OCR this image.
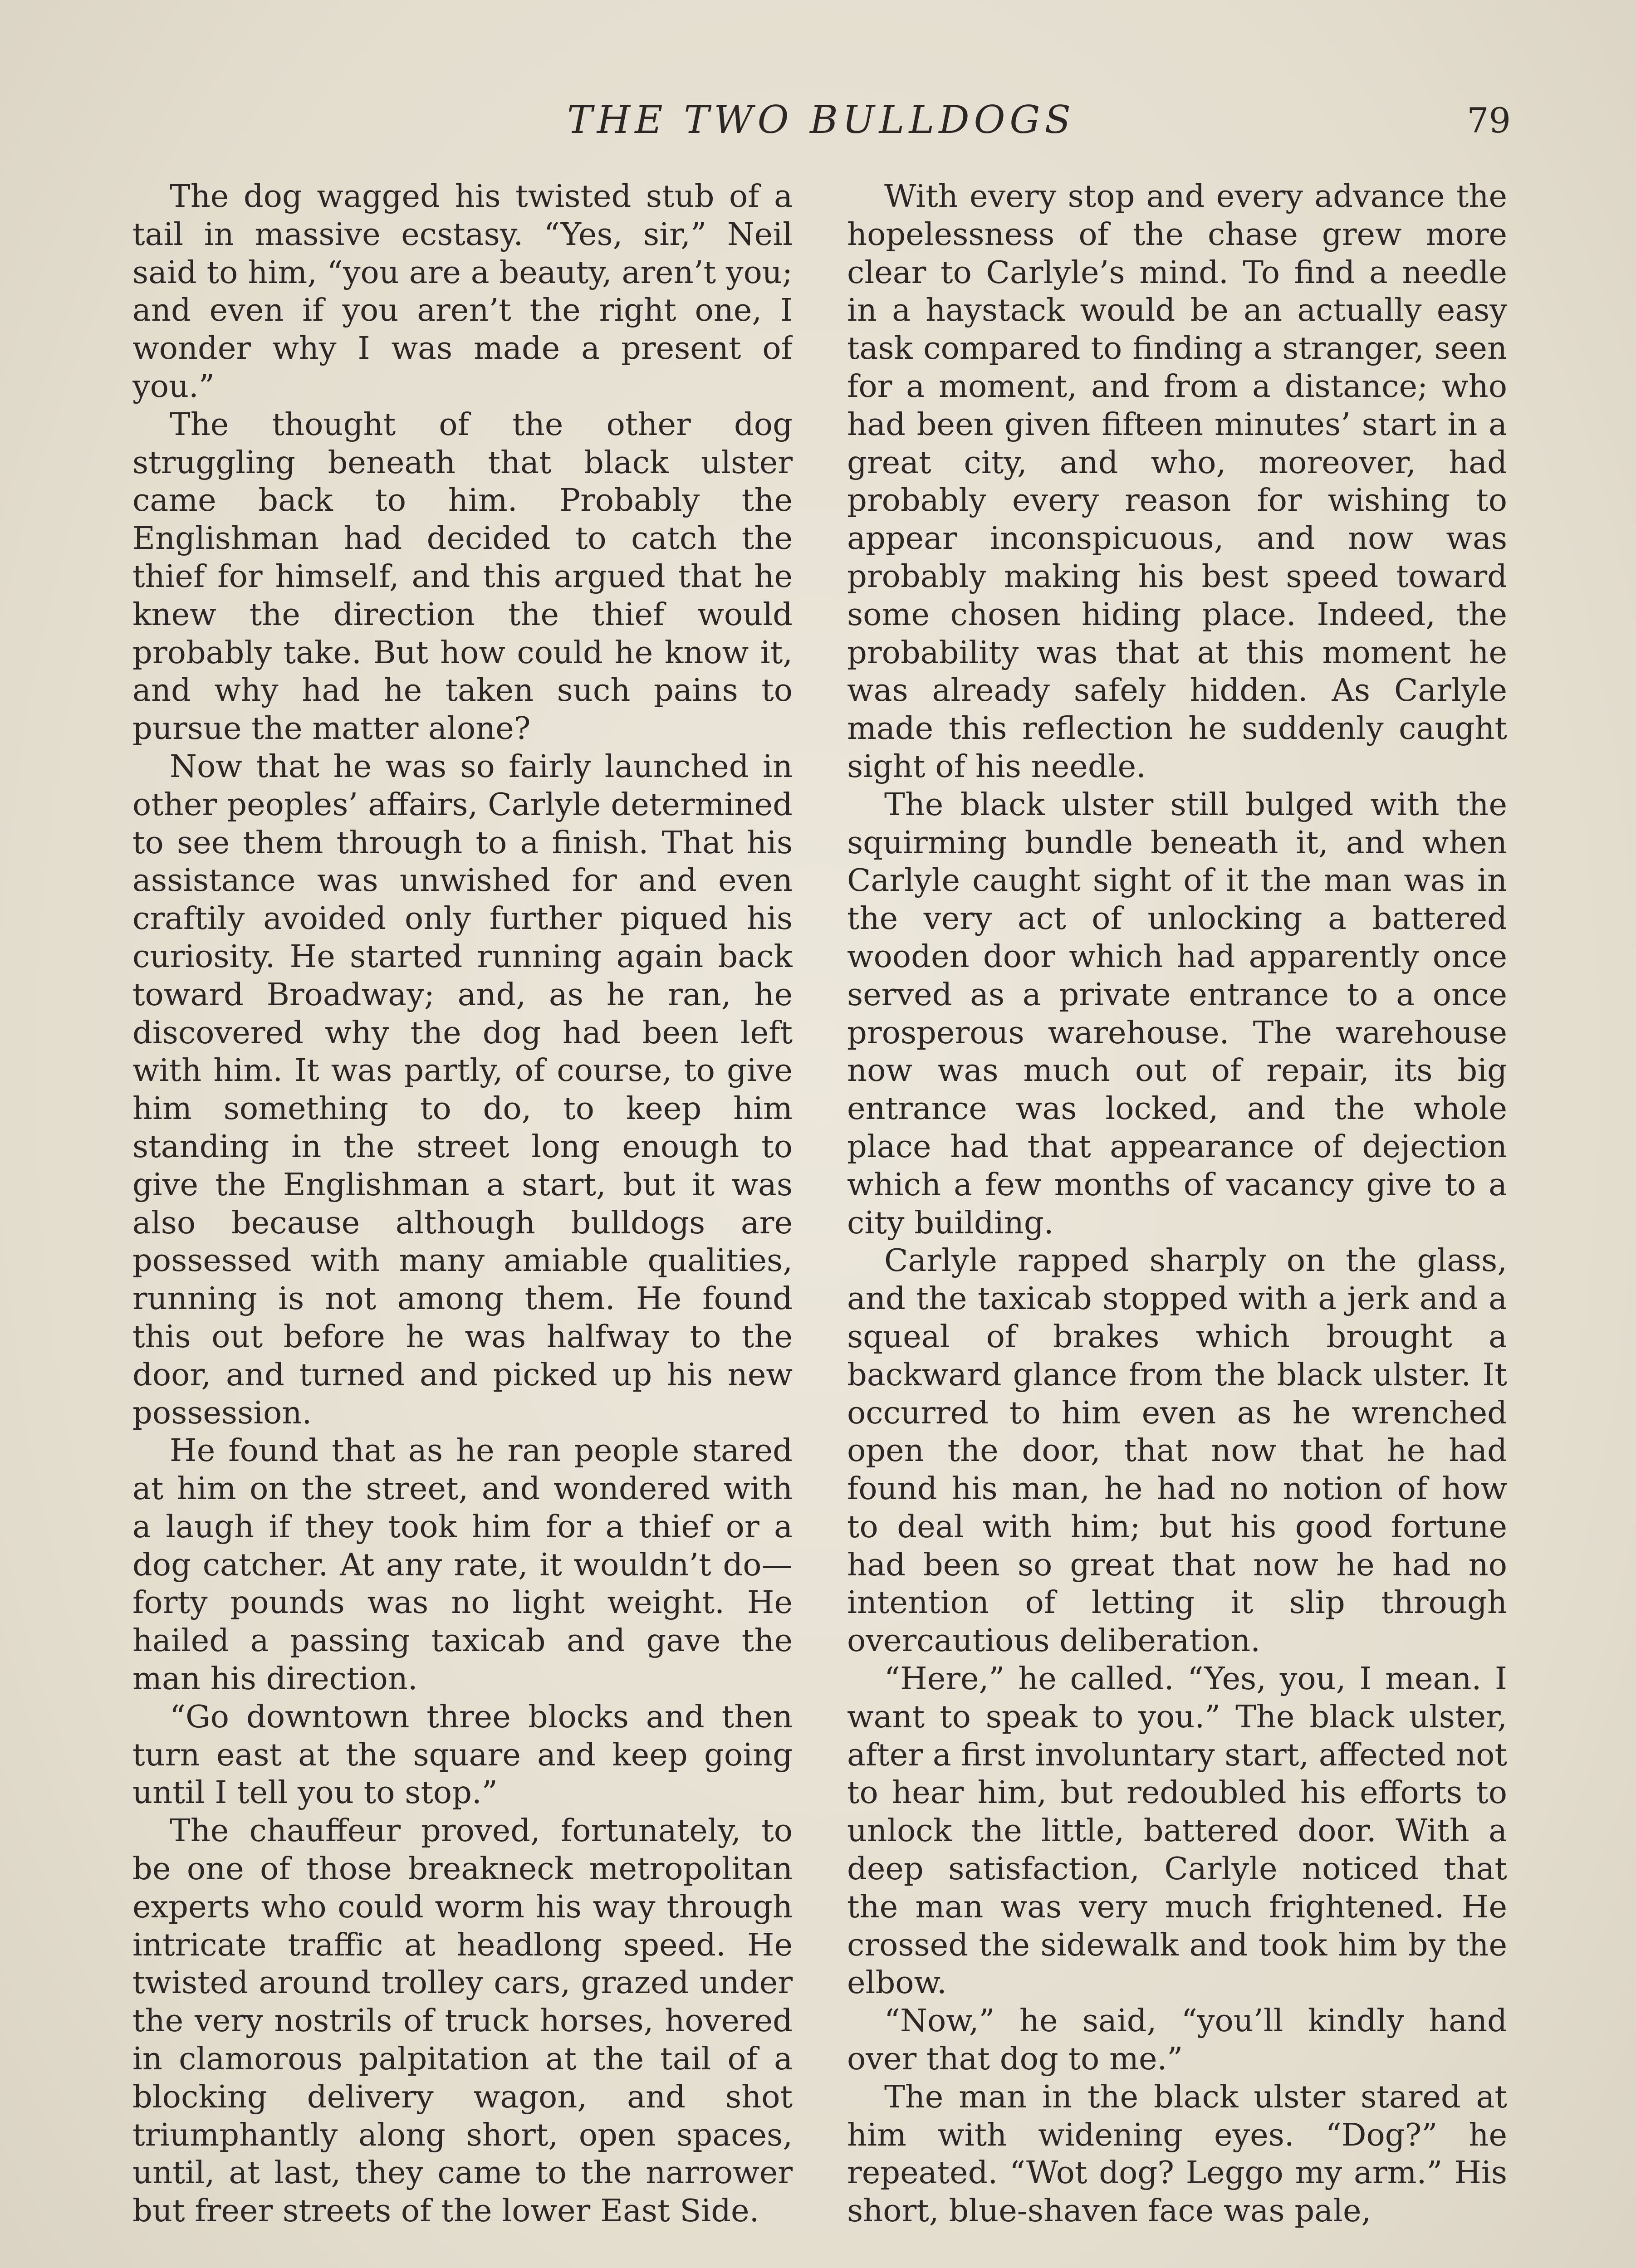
THE TWO BULLDOGS	79

The dog wagged his twisted stub of a tail in massive ecstasy. “Yes, sir,” Neil said to him, “you are a beauty, aren’t you; and even if you aren’t the right one, I wonder why I was made a present of you.”

The thought of the other dog struggling beneath that black ulster came back to him. Probably the Englishman had decided to catch the thief for himself, and this argued that he knew the direction the thief would probably take. But how could he know it, and why had he taken such pains to pursue the matter alone?

Now that he was so fairly launched in other peoples’ affairs, Carlyle determined to see them through to a finish. That his assistance was unwished for and even craftily avoided only further piqued his curiosity. He started running again back toward Broadway; and, as he ran, he discovered why the dog had been left with him. It was partly, of course, to give him something to do, to keep him standing in the street long enough to give the Englishman a start, but it was also because although bulldogs are possessed with many amiable qualities, running is not among them. He found this out before he was halfway to the door, and turned and picked up his new possession.

He found that as he ran people stared at him on the street, and wondered with a laugh if they took him for a thief or a dog catcher. At any rate, it wouldn’t do—forty pounds was no light weight. He hailed a passing taxicab and gave the man his direction.

“Go downtown three blocks and then turn east at the square and keep going until I tell you to stop.”

The chauffeur proved, fortunately, to be one of those breakneck metropolitan experts who could worm his way through intricate traffic at headlong speed. He twisted around trolley cars, grazed under the very nostrils of truck horses, hovered in clamorous palpitation at the tail of a blocking delivery wagon, and shot triumphantly along short, open spaces, until, at last, they came to the narrower but freer streets of the lower East Side.

With every stop and every advance the hopelessness of the chase grew more clear to Carlyle’s mind. To find a needle in a haystack would be an actually easy task compared to finding a stranger, seen for a moment, and from a distance; who had been given fifteen minutes’ start in a great city, and who, moreover, had probably every reason for wishing to appear inconspicuous, and now was probably making his best speed toward some chosen hiding place. Indeed, the probability was that at this moment he was already safely hidden. As Carlyle made this reflection he suddenly caught sight of his needle.

The black ulster still bulged with the squirming bundle beneath it, and when Carlyle caught sight of it the man was in the very act of unlocking a battered wooden door which had apparently once served as a private entrance to a once prosperous warehouse. The warehouse now was much out of repair, its big entrance was locked, and the whole place had that appearance of dejection which a few months of vacancy give to a city building.

Carlyle rapped sharply on the glass, and the taxicab stopped with a jerk and a squeal of brakes which brought a backward glance from the black ulster. It occurred to him even as he wrenched open the door, that now that he had found his man, he had no notion of how to deal with him; but his good fortune had been so great that now he had no intention of letting it slip through overcautious deliberation.

“Here,” he called. “Yes, you, I mean. I want to speak to you.” The black ulster, after a first involuntary start, affected not to hear him, but redoubled his efforts to unlock the little, battered door. With a deep satisfaction, Carlyle noticed that the man was very much frightened. He crossed the sidewalk and took him by the elbow.

“Now,” he said, “you’ll kindly hand over that dog to me.”

The man in the black ulster stared at him with widening eyes. “Dog?” he repeated. “Wot dog? Leggo my arm.” His short, blue-shaven face was pale,
